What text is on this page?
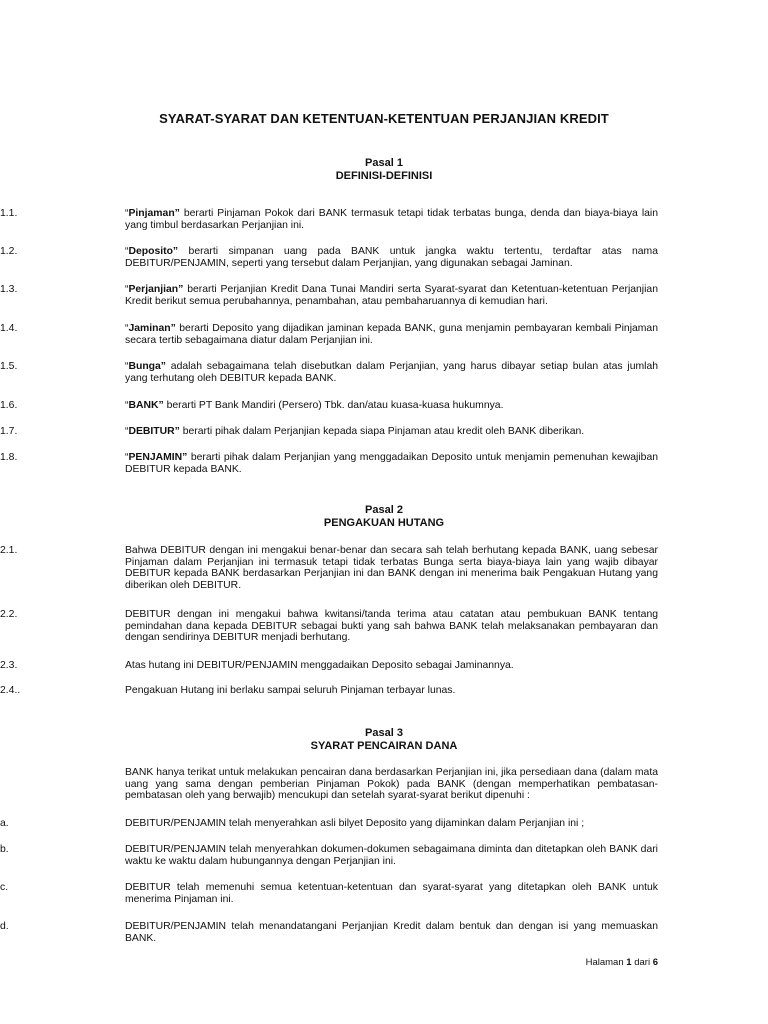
SYARAT-SYARAT DAN KETENTUAN-KETENTUAN PERJANJIAN KREDIT
Pasal 1
DEFINISI-DEFINISI
1.1.	“Pinjaman” berarti Pinjaman Pokok dari BANK termasuk tetapi tidak terbatas bunga, denda dan biaya-biaya lain yang timbul berdasarkan Perjanjian ini.
1.2.	“Deposito” berarti simpanan uang pada BANK untuk jangka waktu tertentu, terdaftar atas nama DEBITUR/PENJAMIN, seperti yang tersebut dalam Perjanjian, yang digunakan sebagai Jaminan.
1.3.	“Perjanjian” berarti Perjanjian Kredit Dana Tunai Mandiri serta Syarat-syarat dan Ketentuan-ketentuan Perjanjian Kredit berikut semua perubahannya, penambahan, atau pembaharuannya di kemudian hari.
1.4.	“Jaminan” berarti Deposito yang dijadikan jaminan kepada BANK, guna menjamin pembayaran kembali Pinjaman secara tertib sebagaimana diatur dalam Perjanjian ini.
1.5.	“Bunga” adalah sebagaimana telah disebutkan dalam Perjanjian, yang harus dibayar setiap bulan atas jumlah yang terhutang oleh DEBITUR kepada BANK.
1.6.	“BANK” berarti PT Bank Mandiri (Persero) Tbk. dan/atau kuasa-kuasa hukumnya.
1.7.	“DEBITUR” berarti pihak dalam Perjanjian kepada siapa Pinjaman atau kredit oleh BANK diberikan.
1.8.	“PENJAMIN” berarti pihak dalam Perjanjian yang menggadaikan Deposito untuk menjamin pemenuhan kewajiban DEBITUR kepada BANK.
Pasal 2
PENGAKUAN HUTANG
2.1.	Bahwa DEBITUR dengan ini mengakui benar-benar dan secara sah telah berhutang kepada BANK, uang sebesar Pinjaman dalam Perjanjian ini termasuk tetapi tidak terbatas Bunga serta biaya-biaya lain yang wajib dibayar DEBITUR kepada BANK berdasarkan Perjanjian ini dan BANK dengan ini menerima baik Pengakuan Hutang yang diberikan oleh DEBITUR.
2.2.	DEBITUR dengan ini mengakui bahwa kwitansi/tanda terima atau catatan atau pembukuan BANK tentang pemindahan dana kepada DEBITUR sebagai bukti yang sah bahwa BANK telah melaksanakan pembayaran dan dengan sendirinya DEBITUR menjadi berhutang.
2.3.	Atas hutang ini DEBITUR/PENJAMIN menggadaikan Deposito sebagai Jaminannya.
2.4..	Pengakuan Hutang ini berlaku sampai seluruh Pinjaman terbayar lunas.
Pasal 3
SYARAT PENCAIRAN DANA
BANK hanya terikat untuk melakukan pencairan dana berdasarkan Perjanjian ini, jika persediaan dana (dalam mata uang yang sama dengan pemberian Pinjaman Pokok) pada BANK (dengan memperhatikan pembatasan-pembatasan oleh yang berwajib) mencukupi dan setelah syarat-syarat berikut dipenuhi :
a.	DEBITUR/PENJAMIN telah menyerahkan asli bilyet Deposito yang dijaminkan dalam Perjanjian ini ;
b.	DEBITUR/PENJAMIN telah menyerahkan dokumen-dokumen sebagaimana diminta dan ditetapkan oleh BANK dari waktu ke waktu dalam hubungannya dengan Perjanjian ini.
c.	DEBITUR telah memenuhi semua ketentuan-ketentuan dan syarat-syarat yang ditetapkan oleh BANK untuk menerima Pinjaman ini.
d.	DEBITUR/PENJAMIN telah menandatangani Perjanjian Kredit dalam bentuk dan dengan isi yang memuaskan BANK.
Halaman 1 dari 6
